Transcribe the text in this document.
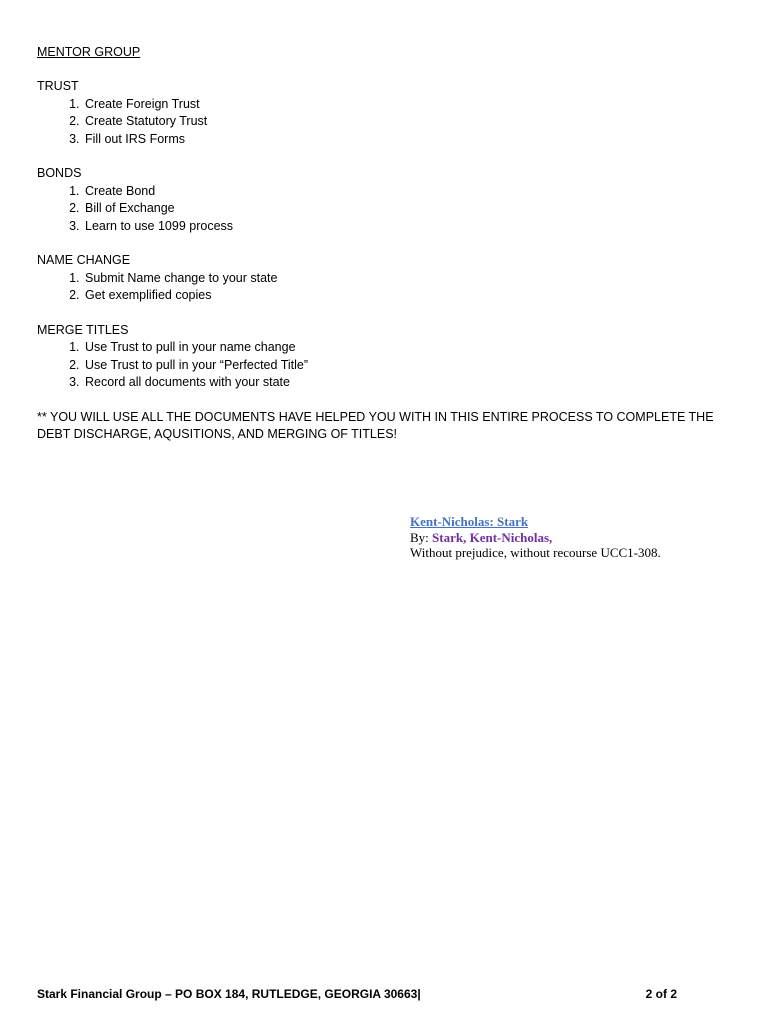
MENTOR GROUP
TRUST
1. Create Foreign Trust
2. Create Statutory Trust
3. Fill out IRS Forms
BONDS
1. Create Bond
2. Bill of Exchange
3. Learn to use 1099 process
NAME CHANGE
1. Submit Name change to your state
2. Get exemplified copies
MERGE TITLES
1. Use Trust to pull in your name change
2. Use Trust to pull in your “Perfected Title”
3. Record all documents with your state
** YOU WILL USE ALL THE DOCUMENTS HAVE HELPED YOU WITH IN THIS ENTIRE PROCESS TO COMPLETE THE DEBT DISCHARGE, AQUSITIONS, AND MERGING OF TITLES!
Kent-Nicholas: Stark
By: Stark, Kent-Nicholas,
Without prejudice, without recourse UCC1-308.
Stark Financial Group – PO BOX 184, RUTLEDGE, GEORGIA 30663|	2 of 2
